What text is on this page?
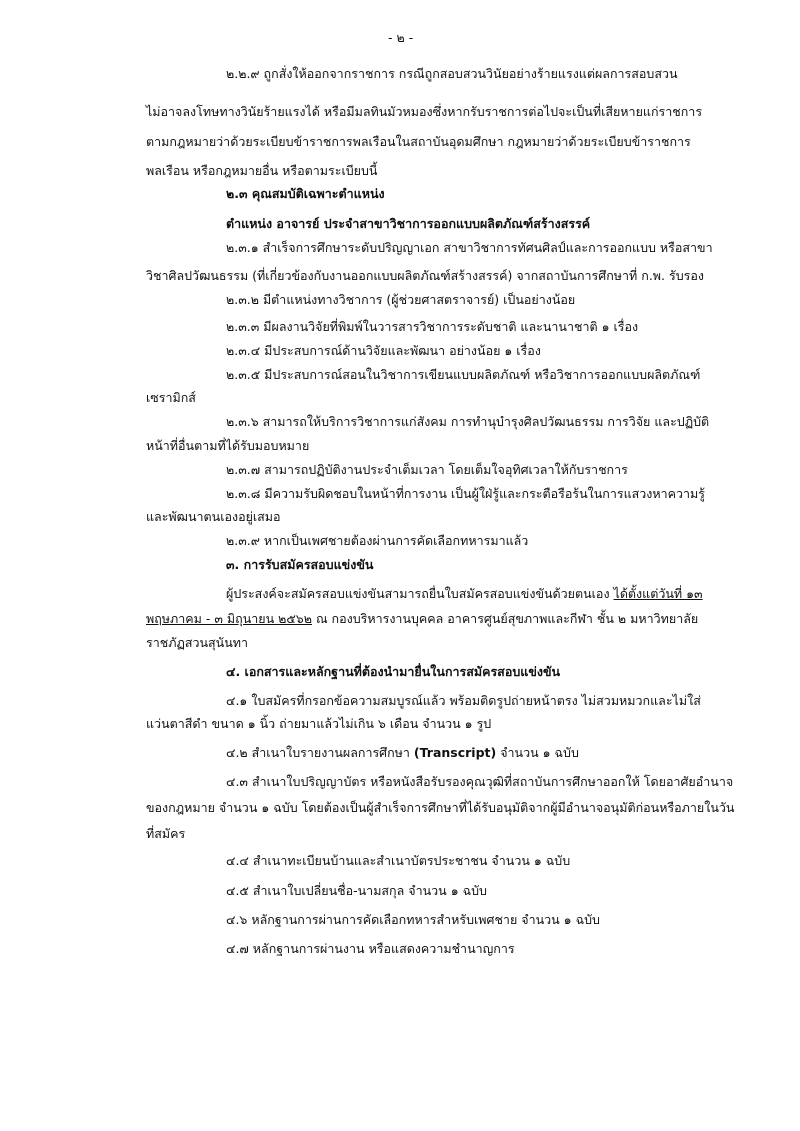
- ๒ -
๒.๒.๙ ถูกสั่งให้ออกจากราชการ กรณีถูกสอบสวนวินัยอย่างร้ายแรงแต่ผลการสอบสวน
ไม่อาจลงโทษทางวินัยร้ายแรงได้ หรือมีมลทินมัวหมองซึ่งหากรับราชการต่อไปจะเป็นที่เสียหายแก่ราชการ
ตามกฎหมายว่าด้วยระเบียบข้าราชการพลเรือนในสถาบันอุดมศึกษา กฎหมายว่าด้วยระเบียบข้าราชการ
พลเรือน หรือกฎหมายอื่น หรือตามระเบียบนี้
๒.๓ คุณสมบัติเฉพาะตำแหน่ง
ตำแหน่ง อาจารย์ ประจำสาขาวิชาการออกแบบผลิตภัณฑ์สร้างสรรค์
๒.๓.๑ สำเร็จการศึกษาระดับปริญญาเอก สาขาวิชาการทัศนศิลป์และการออกแบบ หรือสาขา
วิชาศิลปวัฒนธรรม (ที่เกี่ยวข้องกับงานออกแบบผลิตภัณฑ์สร้างสรรค์) จากสถาบันการศึกษาที่ ก.พ. รับรอง
๒.๓.๒ มีตำแหน่งทางวิชาการ (ผู้ช่วยศาสตราจารย์) เป็นอย่างน้อย
๒.๓.๓ มีผลงานวิจัยที่พิมพ์ในวารสารวิชาการระดับชาติ และนานาชาติ ๑ เรื่อง
๒.๓.๔ มีประสบการณ์ด้านวิจัยและพัฒนา อย่างน้อย ๑ เรื่อง
๒.๓.๕ มีประสบการณ์สอนในวิชาการเขียนแบบผลิตภัณฑ์ หรือวิชาการออกแบบผลิตภัณฑ์
เซรามิกส์
๒.๓.๖ สามารถให้บริการวิชาการแก่สังคม การทำนุบำรุงศิลปวัฒนธรรม การวิจัย และปฏิบัติ
หน้าที่อื่นตามที่ได้รับมอบหมาย
๒.๓.๗ สามารถปฏิบัติงานประจำเต็มเวลา โดยเต็มใจอุทิศเวลาให้กับราชการ
๒.๓.๘ มีความรับผิดชอบในหน้าที่การงาน เป็นผู้ใฝ่รู้และกระตือรือร้นในการแสวงหาความรู้
และพัฒนาตนเองอยู่เสมอ
๒.๓.๙ หากเป็นเพศชายต้องผ่านการคัดเลือกทหารมาแล้ว
๓. การรับสมัครสอบแข่งขัน
ผู้ประสงค์จะสมัครสอบแข่งขันสามารถยื่นใบสมัครสอบแข่งขันด้วยตนเอง ได้ตั้งแต่วันที่ ๑๓
พฤษภาคม - ๓ มิถุนายน ๒๕๖๒ ณ กองบริหารงานบุคคล อาคารศูนย์สุขภาพและกีฬา ชั้น ๒ มหาวิทยาลัย
ราชภัฏสวนสุนันทา
๔. เอกสารและหลักฐานที่ต้องนำมายื่นในการสมัครสอบแข่งขัน
๔.๑ ใบสมัครที่กรอกข้อความสมบูรณ์แล้ว พร้อมติดรูปถ่ายหน้าตรง ไม่สวมหมวกและไม่ใส่
แว่นตาสีดำ ขนาด ๑ นิ้ว ถ่ายมาแล้วไม่เกิน ๖ เดือน จำนวน ๑ รูป
๔.๒ สำเนาใบรายงานผลการศึกษา (Transcript) จำนวน ๑ ฉบับ
๔.๓ สำเนาใบปริญญาบัตร หรือหนังสือรับรองคุณวุฒิที่สถาบันการศึกษาออกให้ โดยอาศัยอำนาจ
ของกฎหมาย จำนวน ๑ ฉบับ โดยต้องเป็นผู้สำเร็จการศึกษาที่ได้รับอนุมัติจากผู้มีอำนาจอนุมัติก่อนหรือภายในวัน
ที่สมัคร
๔.๔ สำเนาทะเบียนบ้านและสำเนาบัตรประชาชน จำนวน ๑ ฉบับ
๔.๕ สำเนาใบเปลี่ยนชื่อ-นามสกุล จำนวน ๑ ฉบับ
๔.๖ หลักฐานการผ่านการคัดเลือกทหารสำหรับเพศชาย จำนวน ๑ ฉบับ
๔.๗ หลักฐานการผ่านงาน หรือแสดงความชำนาญการ
